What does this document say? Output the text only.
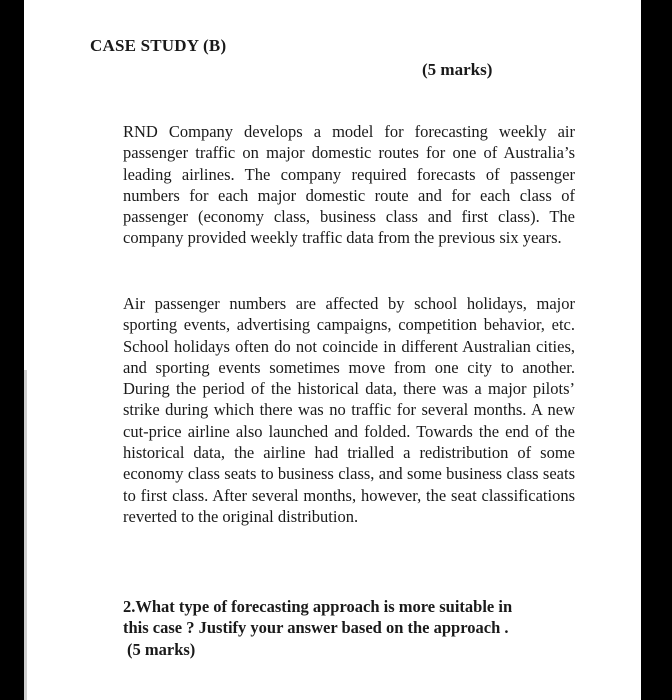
CASE STUDY (B)
(5 marks)

RND Company develops a model for forecasting weekly air passenger traffic on major domestic routes for one of Australia’s leading airlines. The company required forecasts of passenger numbers for each major domestic route and for each class of passenger (economy class, business class and first class). The company provided weekly traffic data from the previous six years.

Air passenger numbers are affected by school holidays, major sporting events, advertising campaigns, competition behavior, etc. School holidays often do not coincide in different Australian cities, and sporting events sometimes move from one city to another. During the period of the historical data, there was a major pilots’ strike during which there was no traffic for several months. A new cut-price airline also launched and folded. Towards the end of the historical data, the airline had trialled a redistribution of some economy class seats to business class, and some business class seats to first class. After several months, however, the seat classifications reverted to the original distribution.

2.What type of forecasting approach is more suitable in
this case ? Justify your answer based on the approach .
(5 marks)
